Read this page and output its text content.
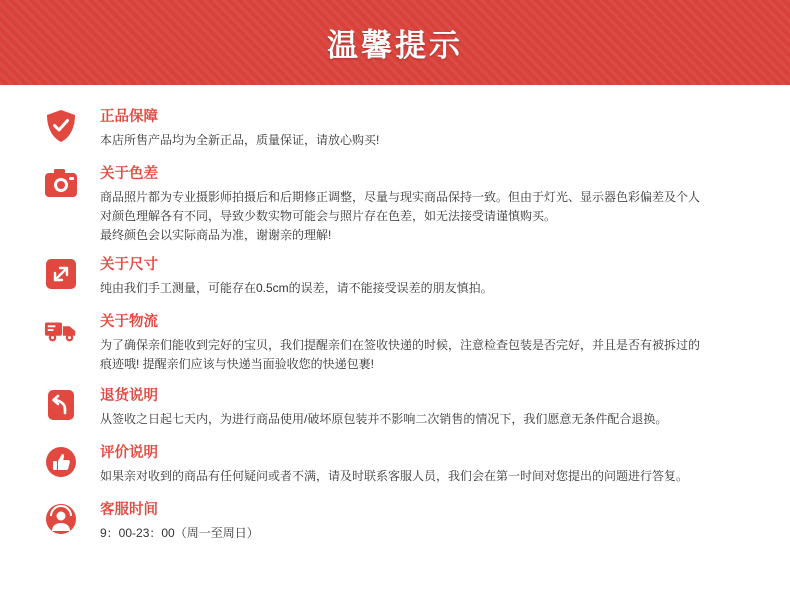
温馨提示
正品保障

本店所售产品均为全新正品，质量保证，请放心购买!

关于色差

商品照片都为专业摄影师拍摄后和后期修正调整，尽量与现实商品保持一致。但由于灯光、显示器色彩偏差及个人

对颜色理解各有不同，导致少数实物可能会与照片存在色差，如无法接受请谨慎购买。

最终颜色会以实际商品为准，谢谢亲的理解!

关于尺寸

纯由我们手工测量，可能存在0.5cm的误差，请不能接受误差的朋友慎拍。

关于物流

为了确保亲们能收到完好的宝贝，我们提醒亲们在签收快递的时候，注意检查包装是否完好，并且是否有被拆过的

痕迹哦! 提醒亲们应该与快递当面验收您的快递包裹!

退货说明

从签收之日起七天内，为进行商品使用/破坏原包装并不影响二次销售的情况下，我们愿意无条件配合退换。

评价说明

如果亲对收到的商品有任何疑问或者不满，请及时联系客服人员，我们会在第一时间对您提出的问题进行答复。

客服时间

9：00-23：00（周一至周日）
